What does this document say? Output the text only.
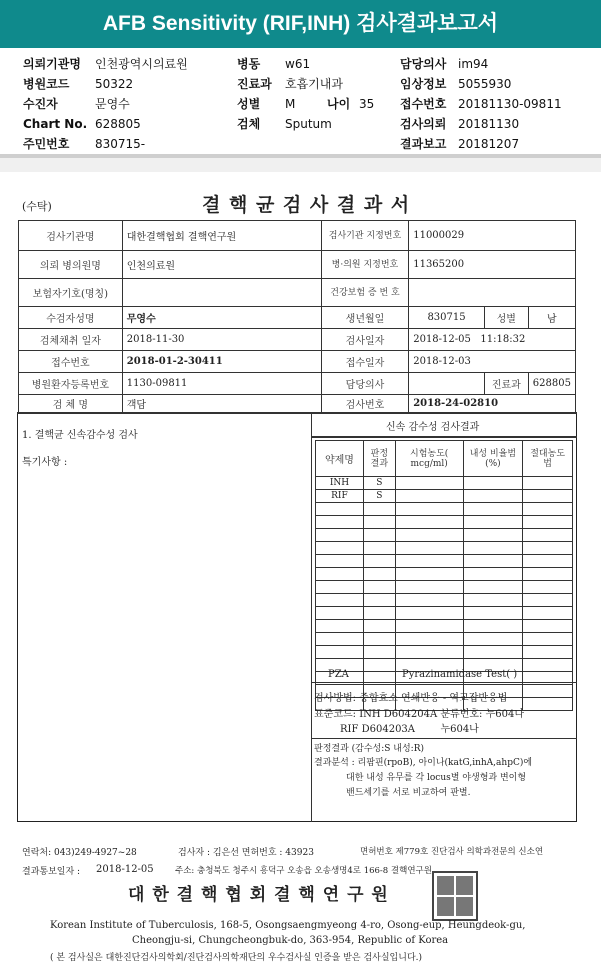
AFB Sensitivity (RIF,INH) 검사결과보고서
의뢰기관명 인천광역시의료원
병원코드 50322
수진자	문영수
Chart No. 628805
주민번호 830715-
병동 w61
진료과 호흡기내과
성별 M	나이 35
검체 Sputum
담당의사 im94
임상정보 5055930
접수번호 20181130-09811
검사의뢰 20181130
결과보고 20181207
(수탁)	결 핵 균 검 사 결 과 서
검사기관명	대한결핵협회 결핵연구원	검사기관 지정번호	11000029		
의뢰 병의원명	인천의료원	병·의원 지정번호	11365200		
보험자기호(명칭)		건강보험 증 번 호			
수검자성명	무영수	생년월일	830715	성별	남
검체채취 일자	2018-11-30	검사일자	2018-12-05 11:18:32		
접수번호	2018-01-2-30411	접수일자	2018-12-03		
병원환자등록번호	1130-09811	담당의사		진료과	628805
검 체 명	객담	검사번호	2018-24-02810		
1. 결핵균 신속감수성 검사
특기사항 :
신속 감수성 검사결과
약제명	판정 결과	시험농도( mcg/ml)	내성 비율범(%)	절대농도 법
INH	S			
RIF	S			

PZA	Pyrazinamidase Test( )
검사방법: 중합효소 연쇄반응 - 역교잡반응법
표준코드: INH D604204A 분류번호: 누604나
RIF D604203A        누604나
판정결과 (감수성:S 내성:R)
결과분석 : 리팜핀(rpoB), 아이나(katG,inhA,ahpC)에
대한 내성 유무를 각 locus별 야생형과 변이형
밴드세기를 서로 비교하여 판별.
연락처: 043)249-4927~28	검사자 : 김은선 면허번호 : 43923	면허번호 제779호 진단검사 의학과전문의 신소연
결과통보일자 : 2018-12-05	주소: 충청북도 청주시 흥덕구 오송읍 오송생명4로 166-8 결핵연구원
대 한 결 핵 협 회 결 핵 연 구 원
Korean Institute of Tuberculosis, 168-5, Osongsaengmyeong 4-ro, Osong-eup, Heungdeok-gu,
Cheongju-si, Chungcheongbuk-do, 363-954, Republic of Korea
( 본 검사실은 대한진단검사의학회/진단검사의학재단의 우수검사실 인증을 받은 검사실입니다.)
